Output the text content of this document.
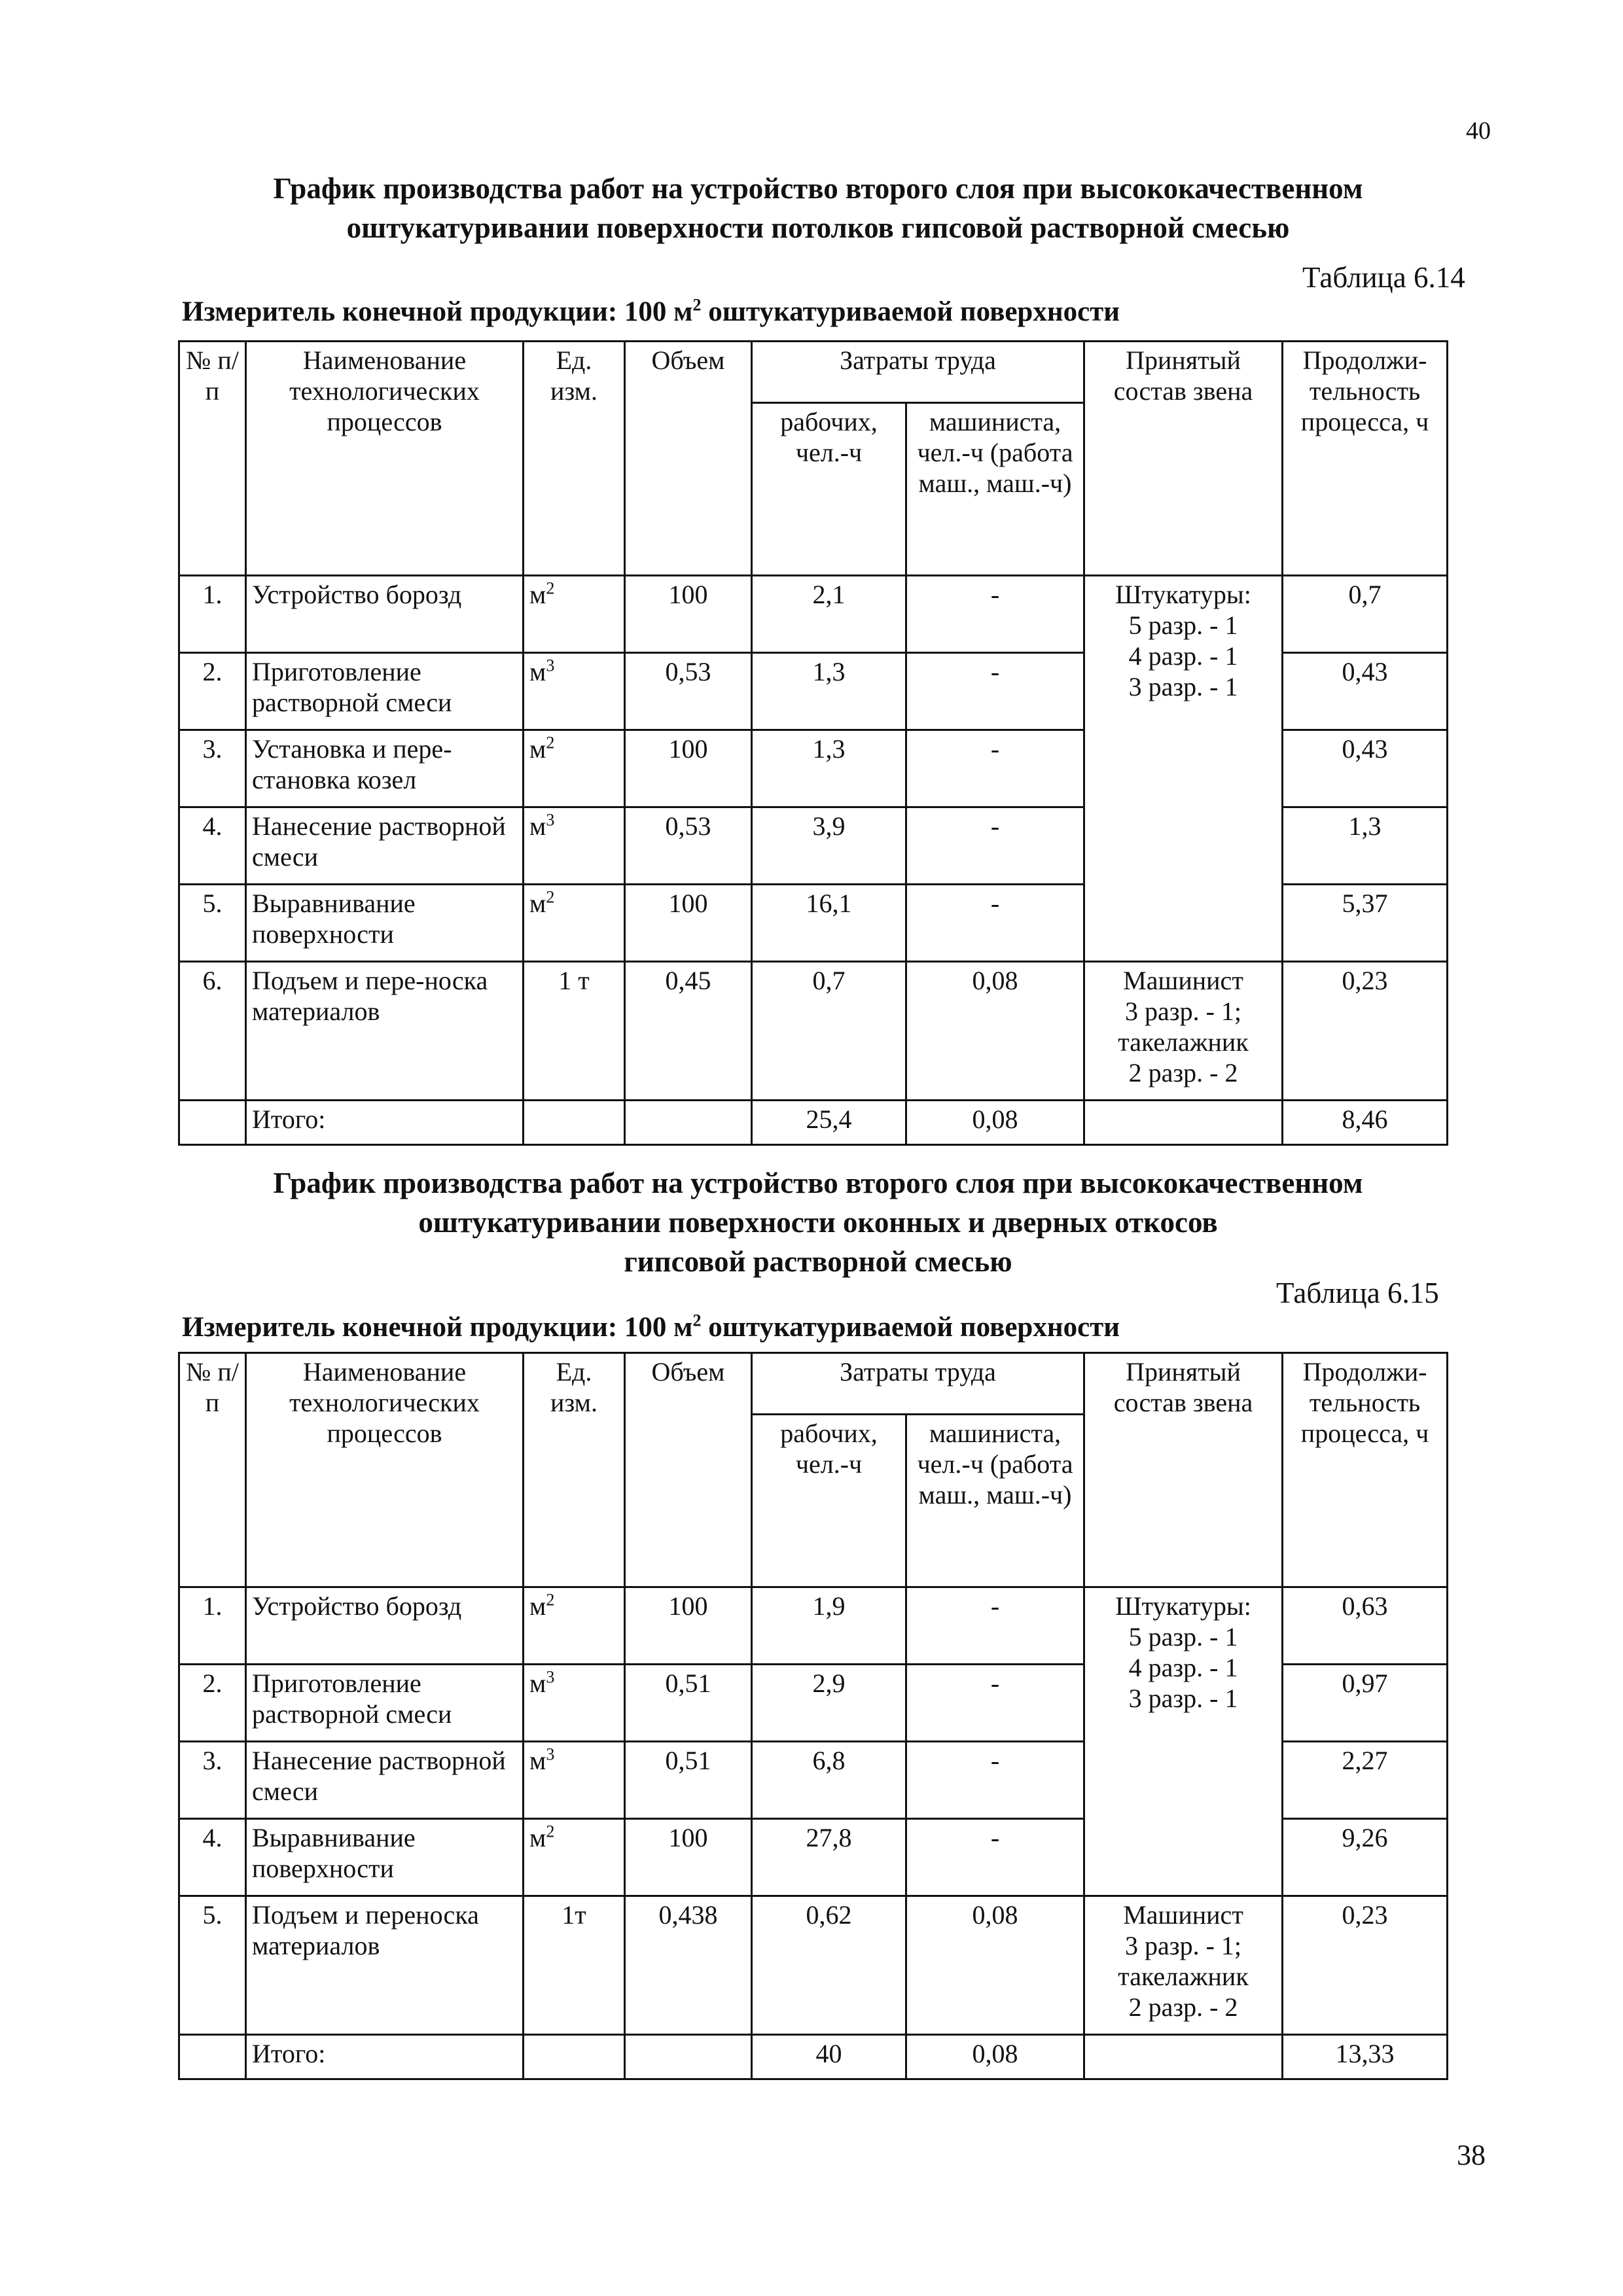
40
График производства работ на устройство второго слоя при высококачественном
оштукатуривании поверхности потолков гипсовой растворной смесью
Таблица 6.14
Измеритель конечной продукции: 100 $м^2$ оштукатуриваемой поверхности
№ п/п	Наименование технологических процессов	Ед. изм.	Объем	Затраты труда		Принятый состав звена	Продолжи-тельность процесса, ч
				рабочих, чел.-ч	машиниста, чел.-ч (работа маш., маш.-ч)		
1.	Устройство борозд	$м^2$	100	2,1	-	Штукатуры:
5 разр. - 1
4 разр. - 1
3 разр. - 1	0,7
2.	Приготовление растворной смеси	$м^3$	0,53	1,3	-		0,43
3.	Установка и пере-становка козел	$м^2$	100	1,3	-		0,43
4.	Нанесение растворной смеси	$м^3$	0,53	3,9	-		1,3
5.	Выравнивание поверхности	$м^2$	100	16,1	-		5,37
6.	Подъем и пере-носка материалов	1 т	0,45	0,7	0,08	Машинист
3 разр. - 1;
такелажник
2 разр. - 2	0,23
	Итого:			25,4	0,08		8,46
График производства работ на устройство второго слоя при высококачественном
оштукатуривании поверхности оконных и дверных откосов
гипсовой растворной смесью
Таблица 6.15
Измеритель конечной продукции: 100 $м^2$ оштукатуриваемой поверхности
№ п/п	Наименование технологических процессов	Ед. изм.	Объем	Затраты труда		Принятый состав звена	Продолжи-тельность процесса, ч
				рабочих, чел.-ч	машиниста, чел.-ч (работа маш., маш.-ч)		
1.	Устройство борозд	$м^2$	100	1,9	-	Штукатуры:
5 разр. - 1
4 разр. - 1
3 разр. - 1	0,63
2.	Приготовление растворной смеси	$м^3$	0,51	2,9	-		0,97
3.	Нанесение растворной смеси	$м^3$	0,51	6,8	-		2,27
4.	Выравнивание поверхности	$м^2$	100	27,8	-		9,26
5.	Подъем и переноска материалов	1т	0,438	0,62	0,08	Машинист
3 разр. - 1;
такелажник
2 разр. - 2	0,23
	Итого:			40	0,08		13,33
38
